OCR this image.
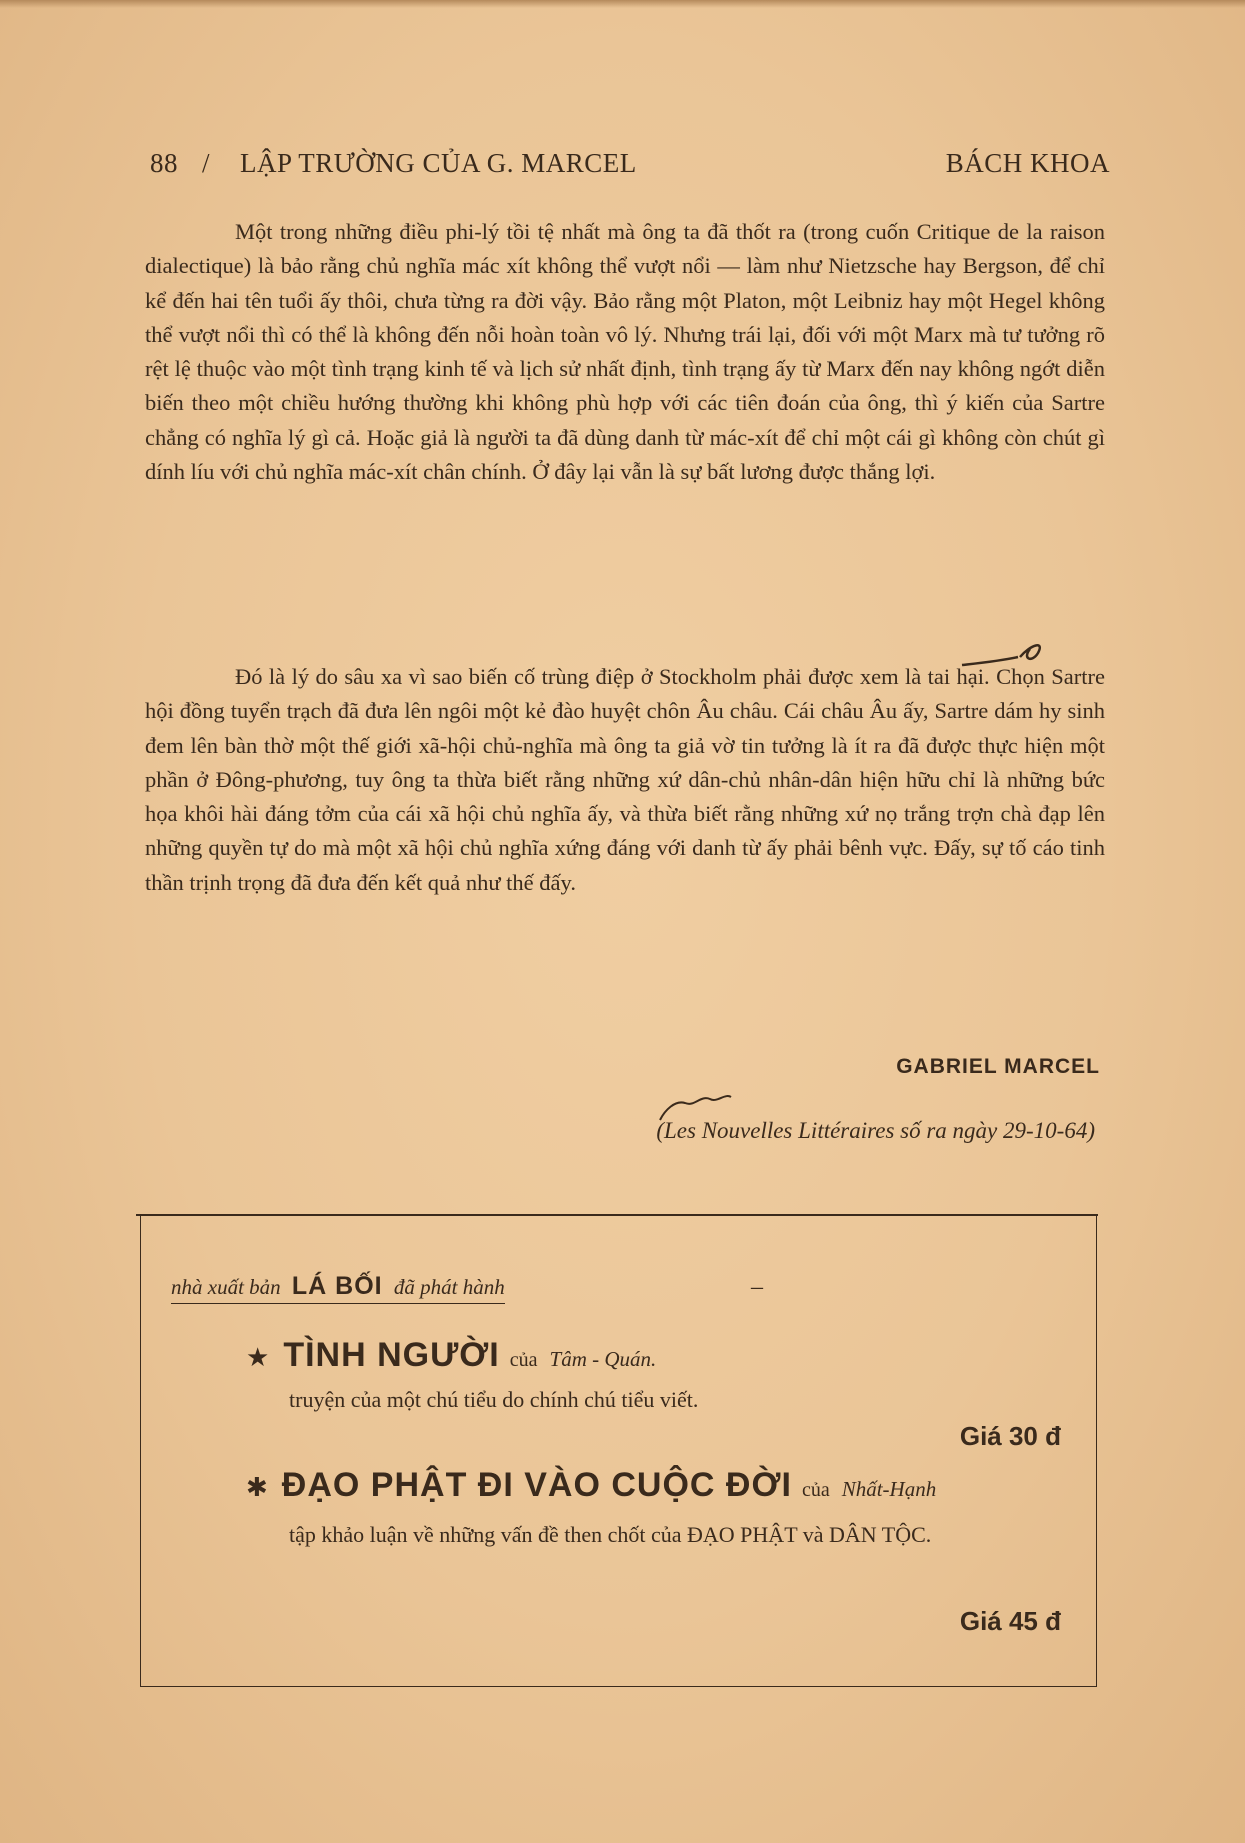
88 / LẬP TRƯỜNG CỦA G. MARCEL	BÁCH KHOA

Một trong những điều phi-lý tồi tệ nhất mà ông ta đã thốt ra (trong cuốn Critique de la raison dialectique) là bảo rằng chủ nghĩa mác xít không thể vượt nổi — làm như Nietzsche hay Bergson, để chỉ kể đến hai tên tuổi ấy thôi, chưa từng ra đời vậy. Bảo rằng một Platon, một Leibniz hay một Hegel không thể vượt nổi thì có thể là không đến nỗi hoàn toàn vô lý. Nhưng trái lại, đối với một Marx mà tư tưởng rõ rệt lệ thuộc vào một tình trạng kinh tế và lịch sử nhất định, tình trạng ấy từ Marx đến nay không ngớt diễn biến theo một chiều hướng thường khi không phù hợp với các tiên đoán của ông, thì ý kiến của Sartre chẳng có nghĩa lý gì cả. Hoặc giả là người ta đã dùng danh từ mác-xít để chỉ một cái gì không còn chút gì dính líu với chủ nghĩa mác-xít chân chính. Ở đây lại vẫn là sự bất lương được thắng lợi.

Đó là lý do sâu xa vì sao biến cố trùng điệp ở Stockholm phải được xem là tai hại. Chọn Sartre hội đồng tuyển trạch đã đưa lên ngôi một kẻ đào huyệt chôn Âu châu. Cái châu Âu ấy, Sartre dám hy sinh đem lên bàn thờ một thế giới xã-hội chủ-nghĩa mà ông ta giả vờ tin tưởng là ít ra đã được thực hiện một phần ở Đông-phương, tuy ông ta thừa biết rằng những xứ dân-chủ nhân-dân hiện hữu chỉ là những bức họa khôi hài đáng tởm của cái xã hội chủ nghĩa ấy, và thừa biết rằng những xứ nọ trắng trợn chà đạp lên những quyền tự do mà một xã hội chủ nghĩa xứng đáng với danh từ ấy phải bênh vực. Đấy, sự tố cáo tinh thần trịnh trọng đã đưa đến kết quả như thế đấy.

GABRIEL MARCEL
(Les Nouvelles Littéraires số ra ngày 29-10-64)
nhà xuất bản LÁ BỐI đã phát hành	–
★ TÌNH NGƯỜI của Tâm - Quán.
truyện của một chú tiểu do chính chú tiểu viết.
Giá 30 đ
✱ ĐẠO PHẬT ĐI VÀO CUỘC ĐỜI của Nhất-Hạnh
tập khảo luận về những vấn đề then chốt của ĐẠO PHẬT và DÂN TỘC.
Giá 45 đ
